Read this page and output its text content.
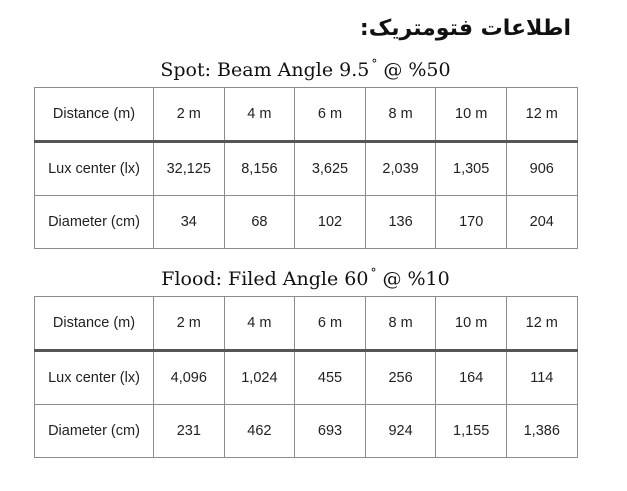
اطلاعات فتومتریک:
Spot: Beam Angle 9.5 ° @ %50
Distance (m)	2 m	4 m	6 m	8 m	10 m	12 m
Lux center (lx)	32,125	8,156	3,625	2,039	1,305	906
Diameter (cm)	34	68	102	136	170	204
Flood: Filed Angle 60 ° @ %10
Distance (m)	2 m	4 m	6 m	8 m	10 m	12 m
Lux center (lx)	4,096	1,024	455	256	164	114
Diameter (cm)	231	462	693	924	1,155	1,386
